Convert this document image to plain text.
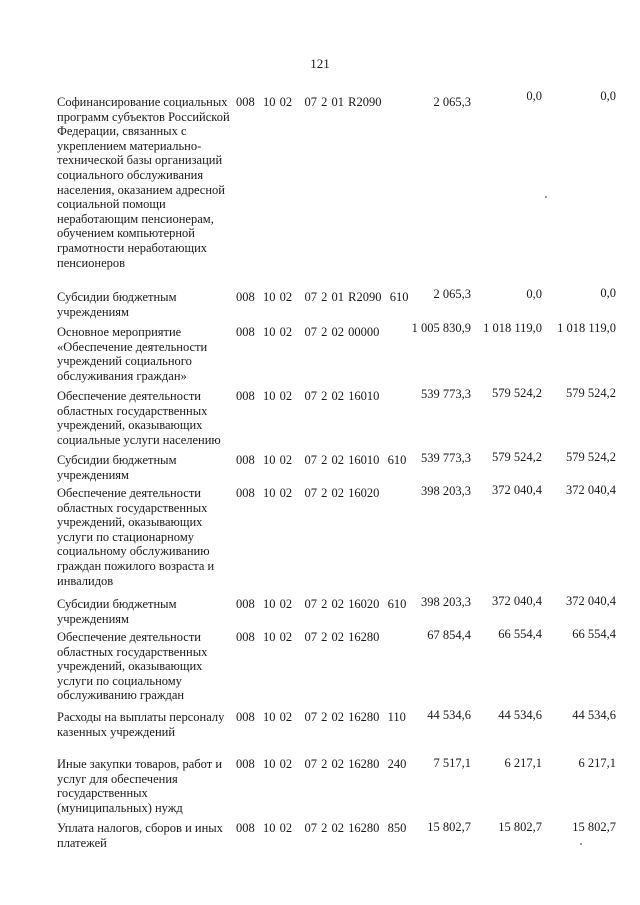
121
Софинансирование социальных программ субъектов Российской Федерации, связанных с укреплением материально-технической базы организаций социального обслуживания населения, оказанием адресной социальной помощи неработающим пенсионерам, обучением компьютерной грамотности неработающих пенсионеров
008  10 02   07 2 01 R2090	2 065,3	0,0	0,0
Субсидии бюджетным учреждениям
008  10 02   07 2 01 R2090  610 2 065,3	0,0	0,0
Основное мероприятие «Обеспечение деятельности учреждений социального обслуживания граждан»
008  10 02   07 2 02 00000	1 005 830,9 1 018 119,0 1 018 119,0
Обеспечение деятельности областных государственных учреждений, оказывающих социальные услуги населению
008  10 02   07 2 02 16010	539 773,3 579 524,2 579 524,2
Субсидии бюджетным учреждениям
008  10 02   07 2 02 16010  610 539 773,3 579 524,2 579 524,2
Обеспечение деятельности областных государственных учреждений, оказывающих услуги по стационарному социальному обслуживанию граждан пожилого возраста и инвалидов
008  10 02   07 2 02 16020	398 203,3 372 040,4 372 040,4
Субсидии бюджетным учреждениям
008  10 02   07 2 02 16020  610 398 203,3 372 040,4 372 040,4
Обеспечение деятельности областных государственных учреждений, оказывающих услуги по социальному обслуживанию граждан
008  10 02   07 2 02 16280	67 854,4 66 554,4 66 554,4
Расходы на выплаты персоналу казенных учреждений
008  10 02   07 2 02 16280  110 44 534,6 44 534,6 44 534,6
Иные закупки товаров, работ и услуг для обеспечения государственных (муниципальных) нужд
008  10 02   07 2 02 16280  240 7 517,1	6 217,1	6 217,1
Уплата налогов, сборов и иных платежей
008  10 02   07 2 02 16280  850 15 802,7 15 802,7 15 802,7
